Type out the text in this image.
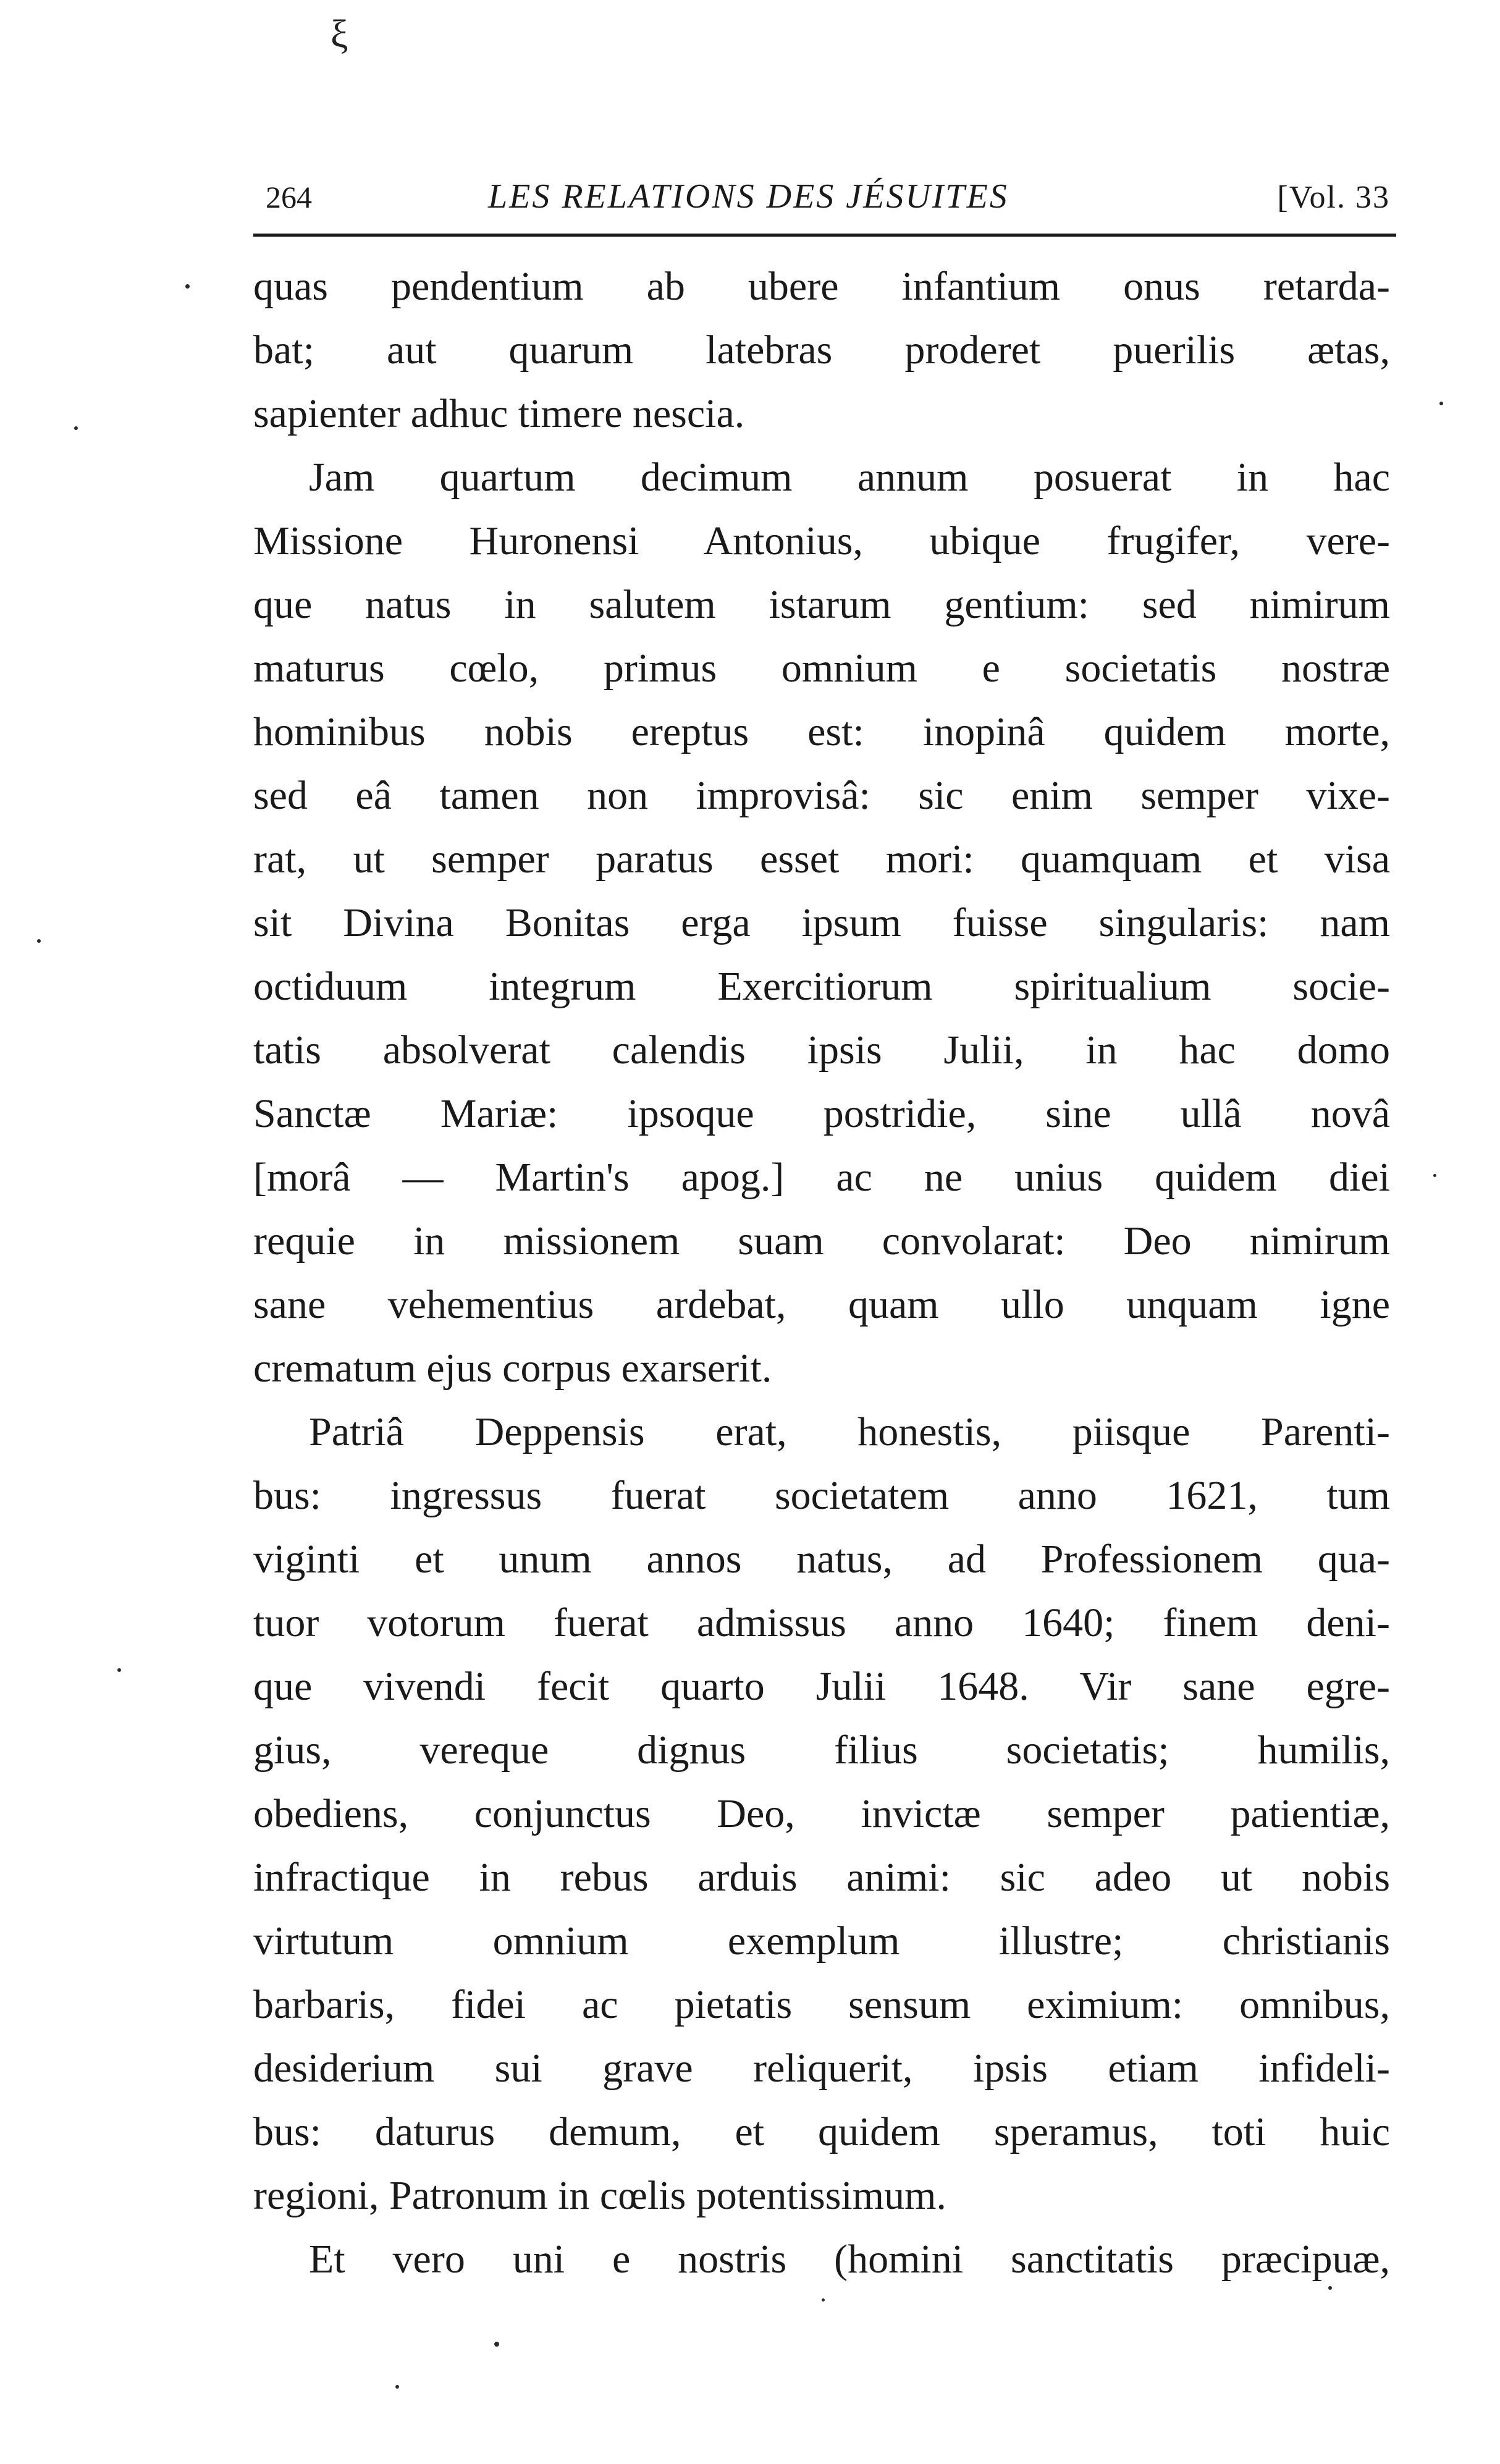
ξ
264	LES RELATIONS DES JÉSUITES	[Vol. 33
quas pendentium ab ubere infantium onus retarda-
bat; aut quarum latebras proderet puerilis ætas,
sapienter adhuc timere nescia.
Jam quartum decimum annum posuerat in hac
Missione Huronensi Antonius, ubique frugifer, vere-
que natus in salutem istarum gentium: sed nimirum
maturus cœlo, primus omnium e societatis nostræ
hominibus nobis ereptus est: inopinâ quidem morte,
sed eâ tamen non improvisâ: sic enim semper vixe-
rat, ut semper paratus esset mori: quamquam et visa
sit Divina Bonitas erga ipsum fuisse singularis: nam
octiduum integrum Exercitiorum spiritualium socie-
tatis absolverat calendis ipsis Julii, in hac domo
Sanctæ Mariæ: ipsoque postridie, sine ullâ novâ
[morâ — Martin's apog.] ac ne unius quidem diei
requie in missionem suam convolarat: Deo nimirum
sane vehementius ardebat, quam ullo unquam igne
crematum ejus corpus exarserit.
Patriâ Deppensis erat, honestis, piisque Parenti-
bus: ingressus fuerat societatem anno 1621, tum
viginti et unum annos natus, ad Professionem qua-
tuor votorum fuerat admissus anno 1640; finem deni-
que vivendi fecit quarto Julii 1648. Vir sane egre-
gius, vereque dignus filius societatis; humilis,
obediens, conjunctus Deo, invictæ semper patientiæ,
infractique in rebus arduis animi: sic adeo ut nobis
virtutum omnium exemplum illustre; christianis
barbaris, fidei ac pietatis sensum eximium: omnibus,
desiderium sui grave reliquerit, ipsis etiam infideli-
bus: daturus demum, et quidem speramus, toti huic
regioni, Patronum in cœlis potentissimum.
Et vero uni e nostris (homini sanctitatis præcipuæ,
